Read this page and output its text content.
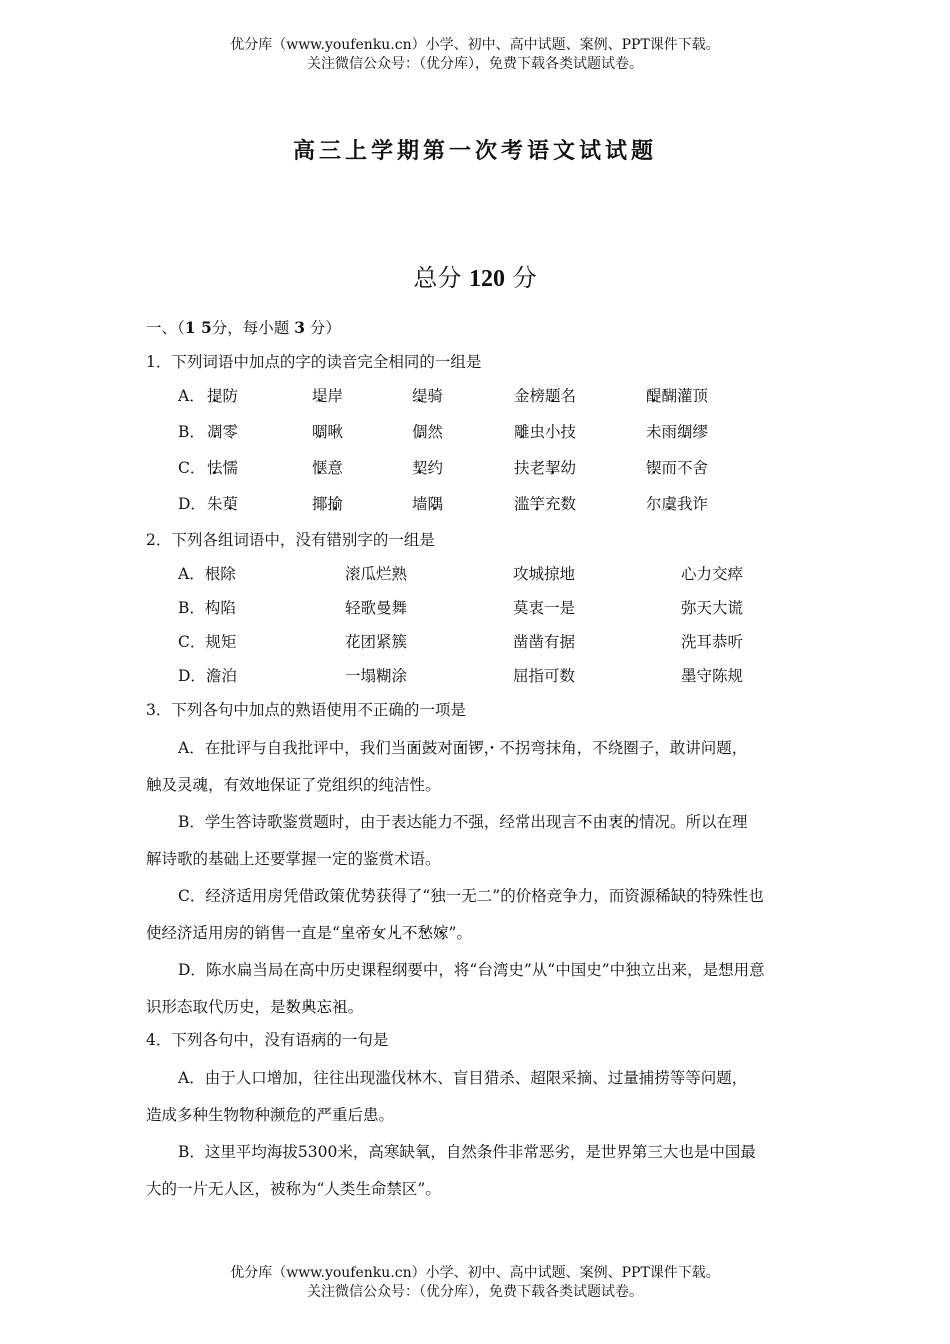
优分库（www.youfenku.cn）小学、初中、高中试题、案例、PPT课件下载。
关注微信公众号：（优分库），免费下载各类试题试卷。
高三上学期第一次考语文试试题
总分 120 分
一、（1 5分，每小题 3 分）
1．下列词语中加点的字的读音完全相同的一组是
A． 提防	堤岸	缇骑	金榜题名	醍醐灌顶
B． 凋零	啁啾	倜然	雕虫小技	未雨绸缪
C． 怯懦	惬意	契约	扶老挈幼	锲而不舍
D． 朱萸	揶揄	墙隅	滥竽充数	尔虞我诈
2．下列各组词语中，没有错别字的一组是
A．根除	滚瓜烂熟	攻城掠地	心力交瘁
B．构陷	轻歌曼舞	莫衷一是	弥天大谎
C．规矩	花团紧簇	凿凿有据	洗耳恭听
D．澹泊	一塌糊涂	屈指可数	墨守陈规
3．下列各句中加点的熟语使用不正确的一项是
A．在批评与自我批评中，我们当 •面 •鼓 •对 •面 •锣 •，不拐弯抹角，不绕圈子，敢讲问题，
触及灵魂，有效地保证了党组织的纯洁性。
B．学生答诗歌鉴赏题时，由于表达能力不强，经常出现言 •不 •由 •衷 •的情况。所以在理
解诗歌的基础上还要掌握一定的鉴赏术语。
C．经济适用房凭借政策优势获得了“独一无二”的价格竞争力，而资源稀缺的特殊性也
使经济适用房的销售一直是“皇 •帝 •女 •儿 •不 •愁 •嫁 •”。
D．陈水扁当局在高中历史课程纲要中，将“台湾史”从“中国史”中独立出来，是想用意
识形态取代历史，是数 •典 •忘 •祖 •。
4．下列各句中，没有语病的一句是
A．由于人口增加，往往出现滥伐林木、盲目猎杀、超限采摘、过量捕捞等等问题，
造成多种生物物种濒危的严重后患。
B．这里平均海拔5300米，高寒缺氧，自然条件非常恶劣，是世界第三大也是中国最
大的一片无人区，被称为“人类生命禁区”。
优分库（www.youfenku.cn）小学、初中、高中试题、案例、PPT课件下载。
关注微信公众号：（优分库），免费下载各类试题试卷。
